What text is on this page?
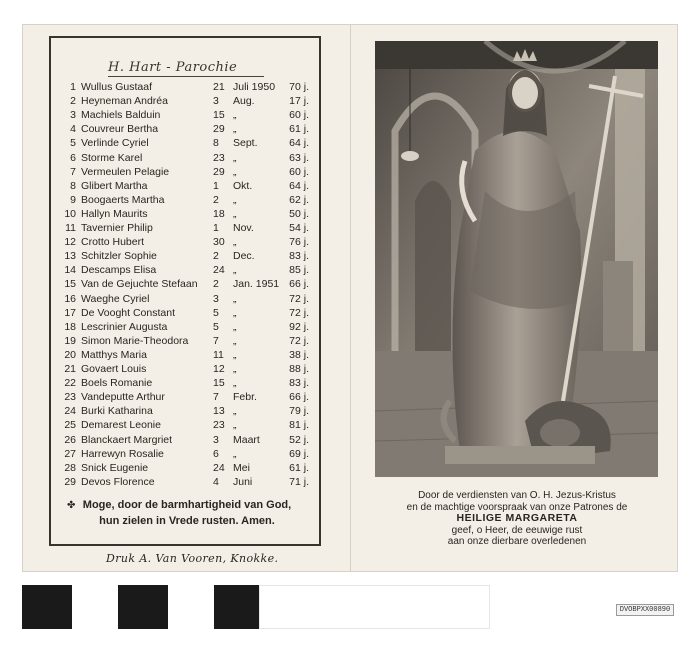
H. Hart - Parochie
1 Wullus Gustaaf	21 Juli 1950	70 j.
2 Heyneman Andréa	3 Aug.	17 j.
3 Machiels Balduin	15 „	60 j.
4 Couvreur Bertha	29 „	61 j.
5 Verlinde Cyriel	8 Sept.	64 j.
6 Storme Karel	23 „	63 j.
7 Vermeulen Pelagie	29 „	60 j.
8 Glibert Martha	1 Okt.	64 j.
9 Boogaerts Martha	2 „	62 j.
10 Hallyn Maurits	18 „	50 j.
11 Tavernier Philip	1 Nov.	54 j.
12 Crotto Hubert	30 „	76 j.
13 Schitzler Sophie	2 Dec.	83 j.
14 Descamps Elisa	24 „	85 j.
15 Van de Gejuchte Stefaan 2 Jan. 1951 66 j.
16 Waeghe Cyriel	3 „	72 j.
17 De Vooght Constant	5 „	72 j.
18 Lescrinier Augusta	5 „	92 j.
19 Simon Marie-Theodora 7 „	72 j.
20 Matthys Maria	11 „	38 j.
21 Govaert Louis	12 „	88 j.
22 Boels Romanie	15 „	83 j.
23 Vandeputte Arthur	7 Febr.	66 j.
24 Burki Katharina	13 „	79 j.
25 Demarest Leonie	23 „	81 j.
26 Blanckaert Margriet	3 Maart	52 j.
27 Harrewyn Rosalie	6 „	69 j.
28 Snick Eugenie	24 Mei	61 j.
29 Devos Florence	4 Juni	71 j.
✤ Moge, door de barmhartigheid van God,
hun zielen in Vrede rusten. Amen.
Druk A. Van Vooren, Knokke.
Door de verdiensten van O. H. Jezus-Kristus
en de machtige voorspraak van onze Patrones de
HEILIGE MARGARETA
geef, o Heer, de eeuwige rust
aan onze dierbare overledenen
DVOBPXX00890
